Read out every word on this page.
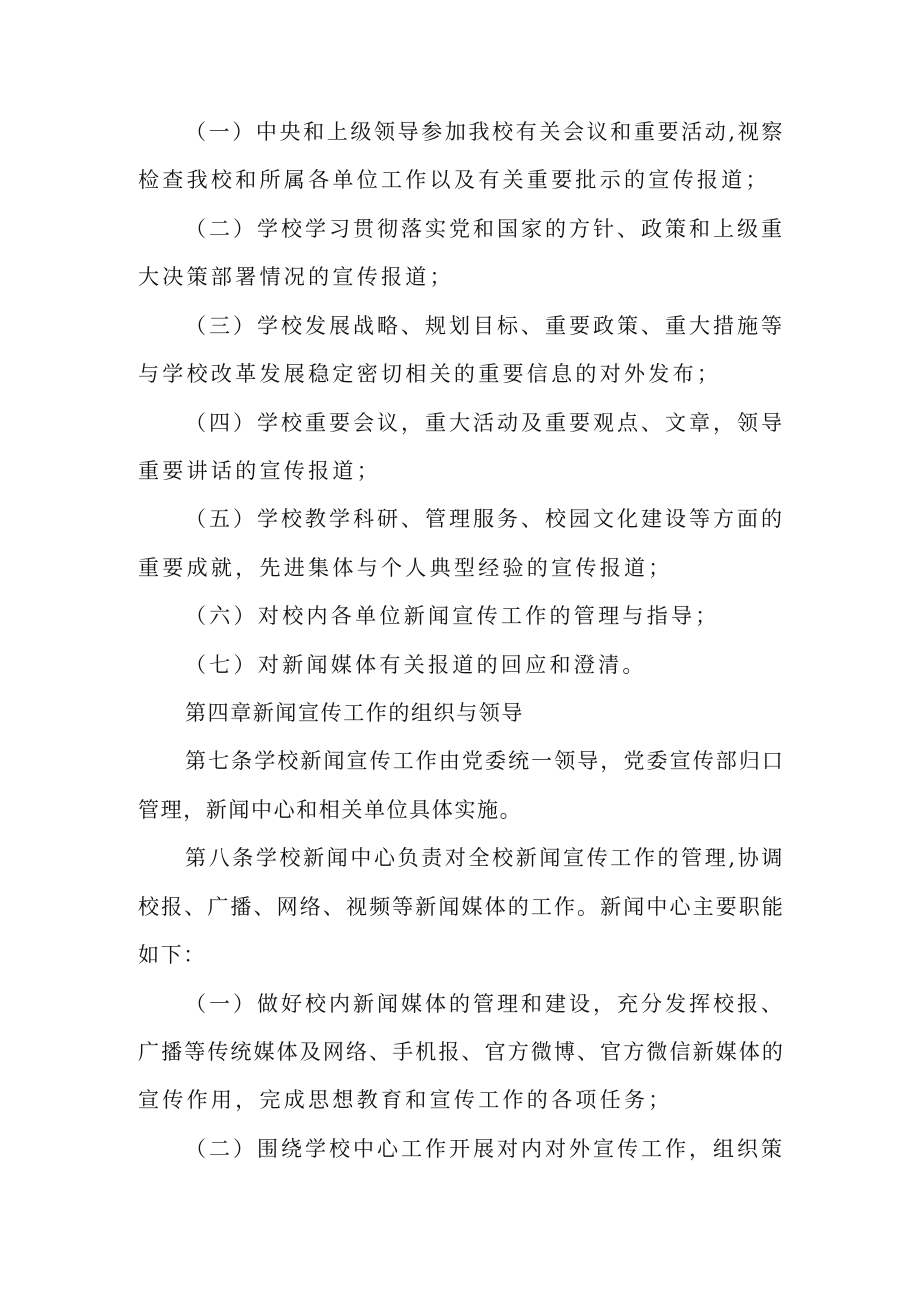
（一）中央和上级领导参加我校有关会议和重要活动,视察
检查我校和所属各单位工作以及有关重要批示的宣传报道；
（二）学校学习贯彻落实党和国家的方针、政策和上级重
大决策部署情况的宣传报道；
（三）学校发展战略、规划目标、重要政策、重大措施等
与学校改革发展稳定密切相关的重要信息的对外发布；
（四）学校重要会议，重大活动及重要观点、文章，领导
重要讲话的宣传报道；
（五）学校教学科研、管理服务、校园文化建设等方面的
重要成就，先进集体与个人典型经验的宣传报道；
（六）对校内各单位新闻宣传工作的管理与指导；
（七）对新闻媒体有关报道的回应和澄清。
第四章新闻宣传工作的组织与领导
第七条学校新闻宣传工作由党委统一领导，党委宣传部归口
管理，新闻中心和相关单位具体实施。
第八条学校新闻中心负责对全校新闻宣传工作的管理,协调
校报、广播、网络、视频等新闻媒体的工作。新闻中心主要职能
如下：
（一）做好校内新闻媒体的管理和建设，充分发挥校报、
广播等传统媒体及网络、手机报、官方微博、官方微信新媒体的
宣传作用，完成思想教育和宣传工作的各项任务；
（二）围绕学校中心工作开展对内对外宣传工作，组织策
